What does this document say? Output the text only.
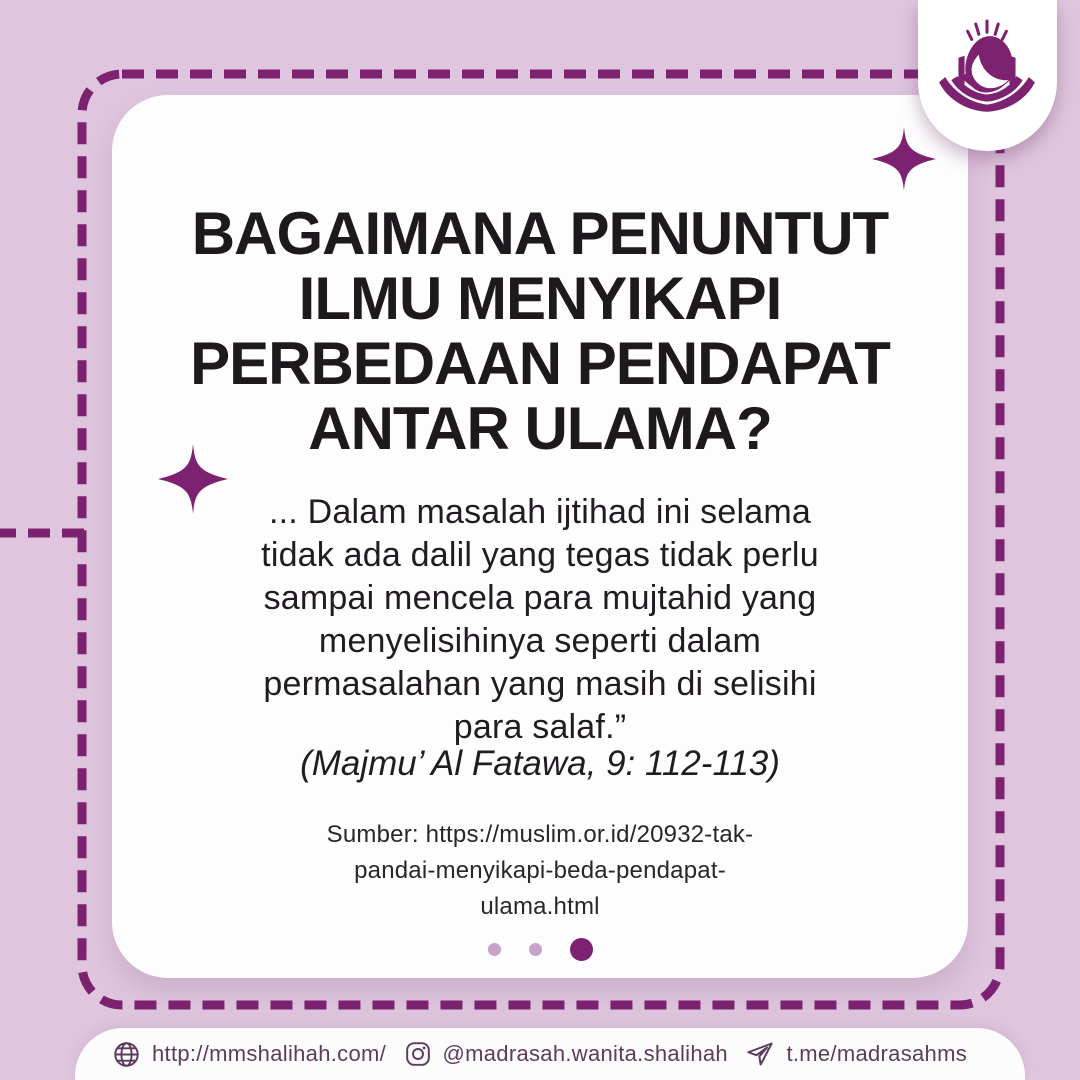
BAGAIMANA PENUNTUT
ILMU MENYIKAPI
PERBEDAAN PENDAPAT
ANTAR ULAMA?

... Dalam masalah ijtihad ini selama
tidak ada dalil yang tegas tidak perlu
sampai mencela para mujtahid yang
menyelisihinya seperti dalam
permasalahan yang masih di selisihi
para salaf.”

(Majmu’ Al Fatawa, 9: 112-113)

Sumber: https://muslim.or.id/20932-tak-
pandai-menyikapi-beda-pendapat-
ulama.html

http://mmshalihah.com/	@madrasah.wanita.shalihah	t.me/madrasahms
